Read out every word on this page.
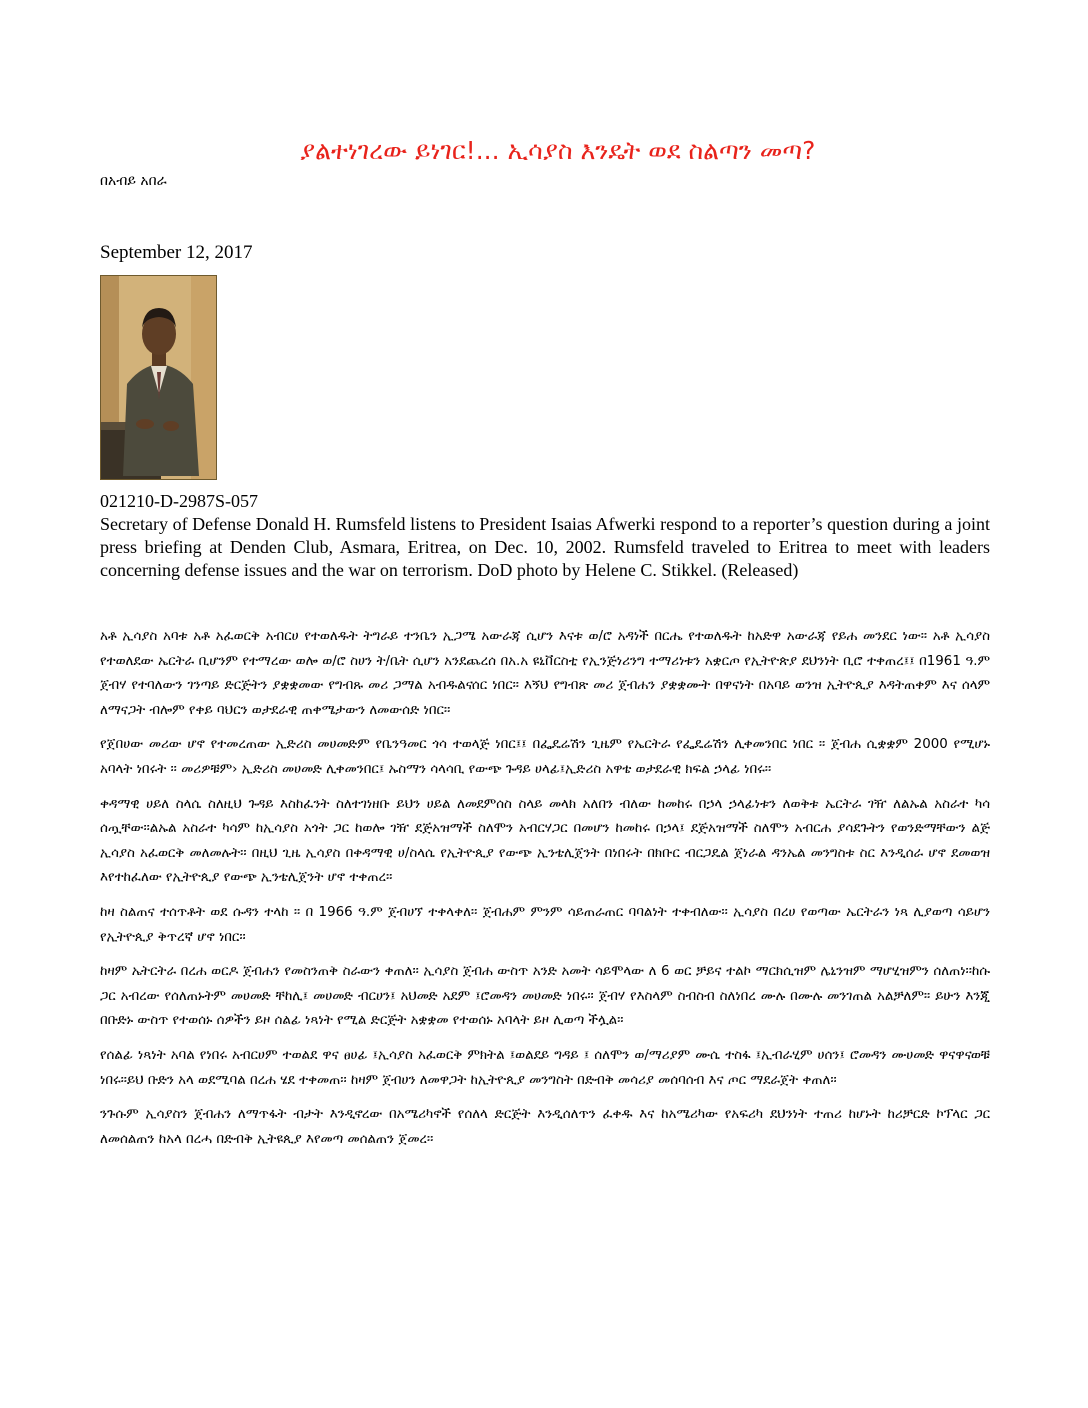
ያልተነገረው ይነገር!... ኢሳያስ እንዴት ወደ ስልጣን መጣ?
በአብይ አበራ
September 12, 2017
021210-D-2987S-057
Secretary of Defense Donald H. Rumsfeld listens to President Isaias Afwerki respond to a reporter’s question during a joint press briefing at Denden Club, Asmara, Eritrea, on Dec. 10, 2002. Rumsfeld traveled to Eritrea to meet with leaders concerning defense issues and the war on terrorism. DoD photo by Helene C. Stikkel. (Released)

አቶ ኢሳያስ አባቱ አቶ አፈወርቅ አብርሀ የተወለዱት ትግራይ ተንቤን ኢጋሜ አውራጃ ሲሆን እናቱ ወ/ሮ አዳነች በርሔ የተወለዱት ከአድዋ አውራጃ የይሐ መንደር ነው፡፡ አቶ ኢሳያስ የተወለደው ኤርትራ ቢሆንም የተማረው ወሎ ወ/ሮ ስሀን ት/ቤት ሲሆን አንደጨረሰ በአ.አ ዩኒቨርስቲ የኢንጅነሪንግ ተማሪነቱን አቋርጦ የኢትዮጵያ ደህንነት ቢሮ ተቀጠረ፤፤ በ1961 ዓ.ም ጀብሃ የተባለውን ገንጣይ ድርጅትን ያቋቋመው የግብጹ መሪ ጋማል አብዱልናሰር ነበር፡፡ እኝህ የግብጽ መሪ ጀብሐን ያቋቋሙት በዋናነት በአባይ ወንዝ ኢትዮጲያ እዳትጠቀም እና ሰላም ለማናጋት ብሎም የቀይ ባህርን ወታደራዊ ጠቀሜታውን ለመውሰድ ነበር፡፡

የጀበሀው መሪው ሆኖ የተመረጠው ኢድሪስ መሀመድም የቤንዓመር ጎሳ ተወላጅ ነበር፤፤ በፌዴሬሽን ጊዜም የኤርትራ የፌዴሬሽን ሊቀመንበር ነበር ፡፡ ጀብሐ ሲቋቋም 2000 የሚሆኑ አባላት ነበሩት ፡፡ መሪዎቹም› ኢድሪስ መሀመድ ሊቀመንበር፤ ኡስማን ሳላሳቢ የውጭ ጉዳይ ሀላፊ፤ኢድሪስ አዋቴ ወታደራዊ ክፍል ኃላፊ ነበሩ፡፡

ቀዳማዊ ሀይለ ስላሴ ስለዚህ ጉዳይ እስከፈንት ስለተገነዘቡ ይህን ሀይል ለመደምሰስ ስላይ መላክ አለበን ብለው ከመከሩ በኃላ ኃላፊነቱን ለወቅቱ ኤርትራ ገዥ ለልኡል አስራተ ካሳ ሰጧቸው፡፡ልኡል አስራተ ካሳም ከኢሳያስ አጎት ጋር ከወሎ ገዥ ደጅአዝማች ስለሞን አብርሃጋር በመሆን ከመከሩ በኃላ፤ ደጅአዝማች ስለሞን አብርሐ ያሳደጉትን የወንድማቸውን ልጅ ኢሳያስ አፈወርቅ መለመሉት፡፡ በዚህ ጊዜ ኢሳያስ በቀዳማዊ ሀ/ስላሴ የኢትዮጲያ የውጭ ኢንቴሊጀንት በነበሩት በክቡር ብርጋዴል ጀነራል ዳንኤል መንግስቱ ስር እንዲሰራ ሆኖ ደመወዝ እየተከፈለው የኢትዮጲያ የውጭ ኢንቴሊጀንት ሆኖ ተቀጠረ፡፡

ከዛ ስልጠና ተሰጥቶት ወደ ሱዳን ተላከ ፡፡ በ 1966 ዓ.ም ጀብሀኘ ተቀላቀለ፡፡ ጀብሐም ምንም ሳይጠራጠር ባባልነት ተቀብለው፡፡ ኢሳያስ በረሀ የወጣው ኤርትራን ነጻ ሊያወጣ ሳይሆን የኢትዮጲያ ቅጥረኛ ሆኖ ነበር፡፡

ከዛም ኤትርትራ በረሐ ወርዶ ጀብሐን የመስንጠቅ ስራውን ቀጠለ፡፡ ኢሳያስ ጀብሐ ውስጥ አንድ አመት ሳይሞላው ለ 6 ወር ቻይና ተልኮ ማርክሲዝም ሌኒንዝም ማሆሂዝምን ሰለጠነ፡፡ከሱ ጋር አብረው የሰለጠኑትም መሀመድ ቸከሊ፤ መሀመድ ብርሀን፤ አህመድ አደም ፤ሮመዳን መሀመድ ነበሩ፡፡ ጀብሃ የእስላም ስብስብ ስለነበረ ሙሉ በሙሉ መንገጠል አልቻለም፡፡ ይሁን እንጂ በቡድኑ ውስጥ የተወሰኑ ሰዎችን ይዞ ሰልፊ ነጻነት የሚል ድርጅት አቋቋመ የተወሰኑ አባላት ይዞ ሊወጣ ችሏል፡፡

የሰልፊ ነጻነት አባል የነበሩ አብርሀም ተወልደ ዋና ፀሀፊ ፤ኢሳያስ አፈወርቅ ምክትል ፤ወልደይ ግዳይ ፤ ሰለሞን ወ/ማሪያም ሙሴ ተስፋ ፤ኢብራሂም ሀሰን፤ ሮመዳን ሙሀመድ ዋናዋናወቹ ነበሩ፡፡ይህ ቡድን አላ ወደሚባል በረሐ ሄደ ተቀመጠ፡፡ ከዛም ጀብሀን ለመዋጋት ከኢትዮጲያ መንግስት በድብቅ መሳሪያ መሰባሰብ እና ጦር ማደራጀት ቀጠለ፡፡

ንጉሱም ኢሳያስን ጀብሐን ለማጥፋት ብታት እንዲኖረው በአሜሪካኖች የሰለላ ድርጅት እንዲሰለጥን ፈቀዱ እና ከአሜሪካው የአፍሪካ ደህንነት ተጠሪ ከሆኑት ከሪቻርድ ኮፕላር ጋር ለመሰልጠን ከአላ በረሓ በድብቅ ኢትዩጲያ እየመጣ መሰልጠን ጀመረ፡፡
